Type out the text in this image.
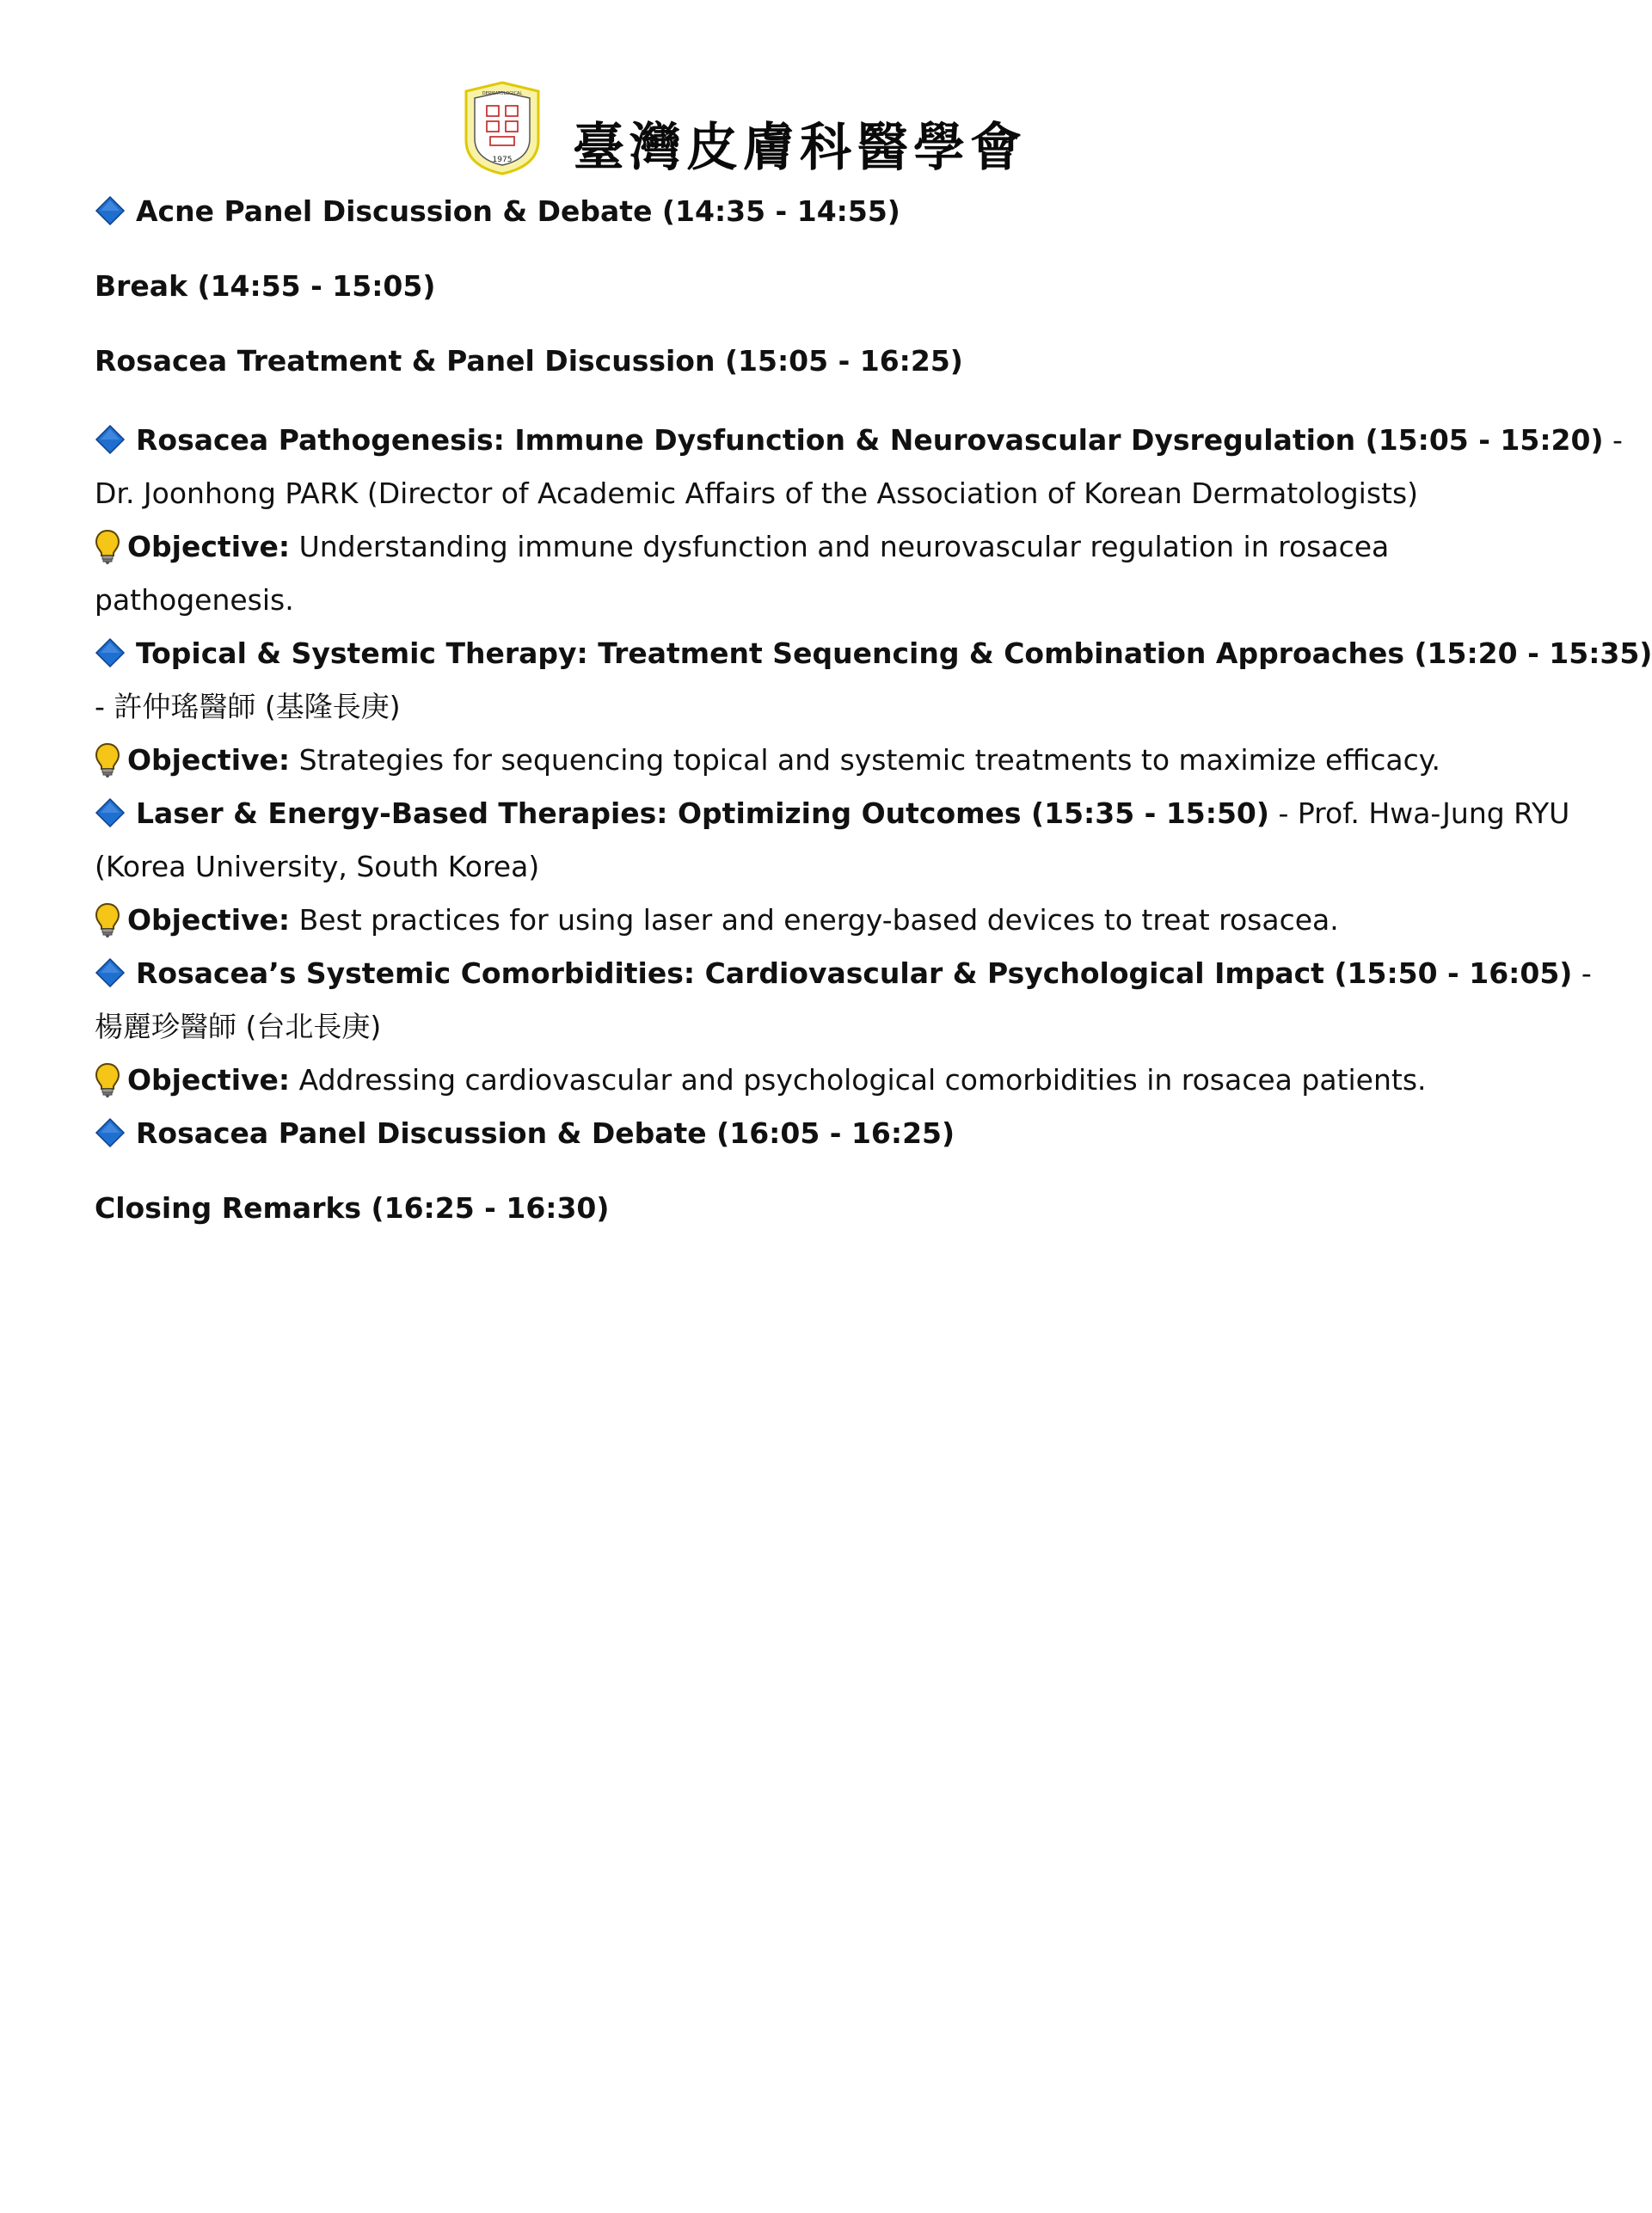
DERMATOLOGICAL
1975 臺灣皮膚科醫學會
Acne Panel Discussion & Debate (14:35 - 14:55)
Break (14:55 - 15:05)
Rosacea Treatment & Panel Discussion (15:05 - 16:25)
Rosacea Pathogenesis: Immune Dysfunction & Neurovascular Dysregulation (15:05 - 15:20) -
Dr. Joonhong PARK (Director of Academic Affairs of the Association of Korean Dermatologists)
Objective: Understanding immune dysfunction and neurovascular regulation in rosacea
pathogenesis.
Topical & Systemic Therapy: Treatment Sequencing & Combination Approaches (15:20 - 15:35)
- 許仲瑤醫師 (基隆長庚)
Objective: Strategies for sequencing topical and systemic treatments to maximize efficacy.
Laser & Energy-Based Therapies: Optimizing Outcomes (15:35 - 15:50) - Prof. Hwa-Jung RYU
(Korea University, South Korea)
Objective: Best practices for using laser and energy-based devices to treat rosacea.
Rosacea’s Systemic Comorbidities: Cardiovascular & Psychological Impact (15:50 - 16:05) -
楊麗珍醫師 (台北長庚)
Objective: Addressing cardiovascular and psychological comorbidities in rosacea patients.
Rosacea Panel Discussion & Debate (16:05 - 16:25)
Closing Remarks (16:25 - 16:30)
